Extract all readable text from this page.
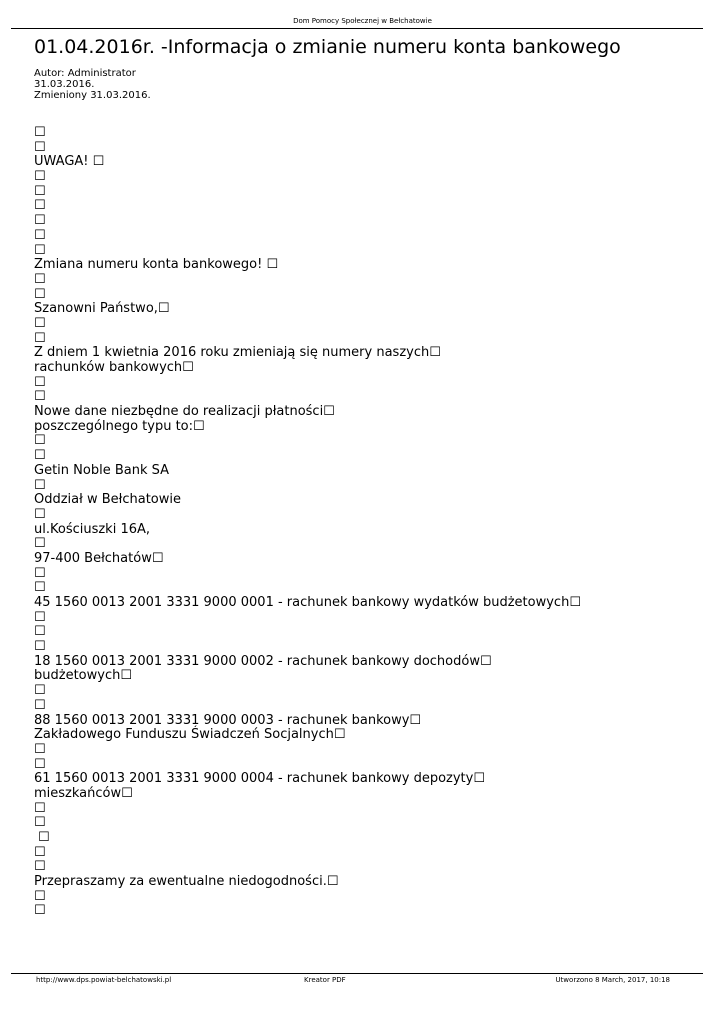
Dom Pomocy Społecznej w Bełchatowie
01.04.2016r. -Informacja o zmianie numeru konta bankowego
Autor: Administrator
31.03.2016.
Zmieniony 31.03.2016.
☐
☐
UWAGA! ☐
☐
☐
☐
☐
☐
☐
Zmiana numeru konta bankowego! ☐
☐
☐
Szanowni Państwo,☐
☐
☐
Z dniem 1 kwietnia 2016 roku zmieniają się numery naszych☐
rachunków bankowych☐
☐
☐
Nowe dane niezbędne do realizacji płatności☐
poszczególnego typu to:☐
☐
☐
Getin Noble Bank SA
☐
Oddział w Bełchatowie
☐
ul.Kościuszki 16A,
☐
97-400 Bełchatów☐
☐
☐
45 1560 0013 2001 3331 9000 0001 - rachunek bankowy wydatków budżetowych☐
☐
☐
☐
18 1560 0013 2001 3331 9000 0002 - rachunek bankowy dochodów☐
budżetowych☐
☐
☐
88 1560 0013 2001 3331 9000 0003 - rachunek bankowy☐
Zakładowego Funduszu Świadczeń Socjalnych☐
☐
☐
61 1560 0013 2001 3331 9000 0004 - rachunek bankowy depozyty☐
mieszkańców☐
☐
☐
☐
☐
☐
Przepraszamy za ewentualne niedogodności.☐
☐
☐
http://www.dps.powiat-belchatowski.pl	Kreator PDF	Utworzono 8 March, 2017, 10:18
